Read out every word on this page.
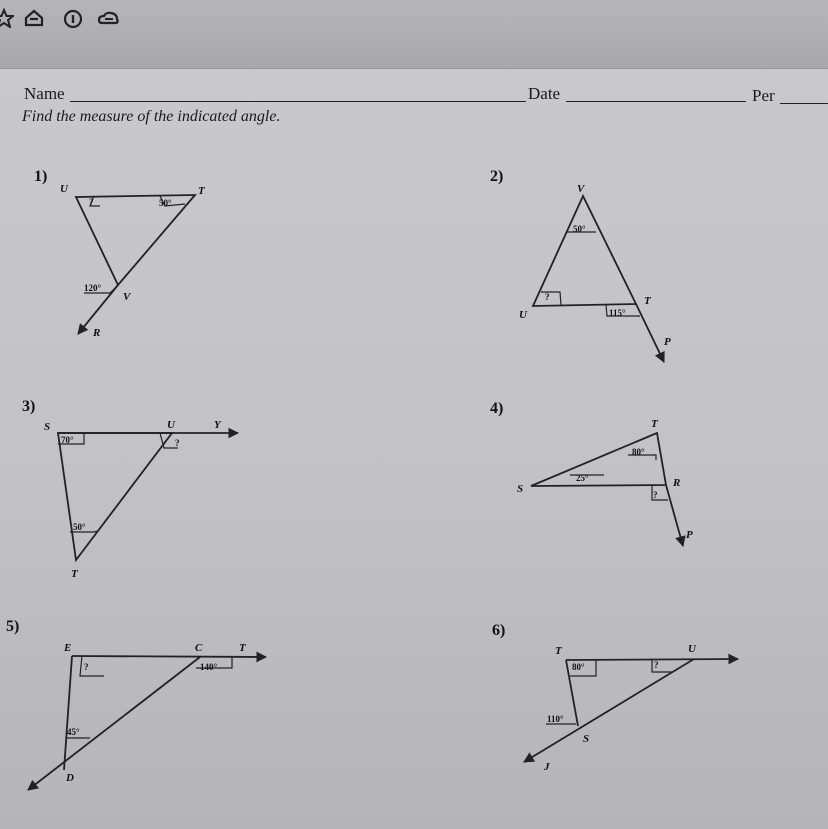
Name	Date	Per
Find the measure of the indicated angle.
1)	2)
3)	4)
5)	6)
U	T
V
R
?	50°
120°
V
U
T
P
50°
?
115°
S	U	Y
T
70°	?
50°
T
S	R
P
80°
25°
?
E	C	T
D
?	140°
45°
T	U
S
J
80°	?
110°
